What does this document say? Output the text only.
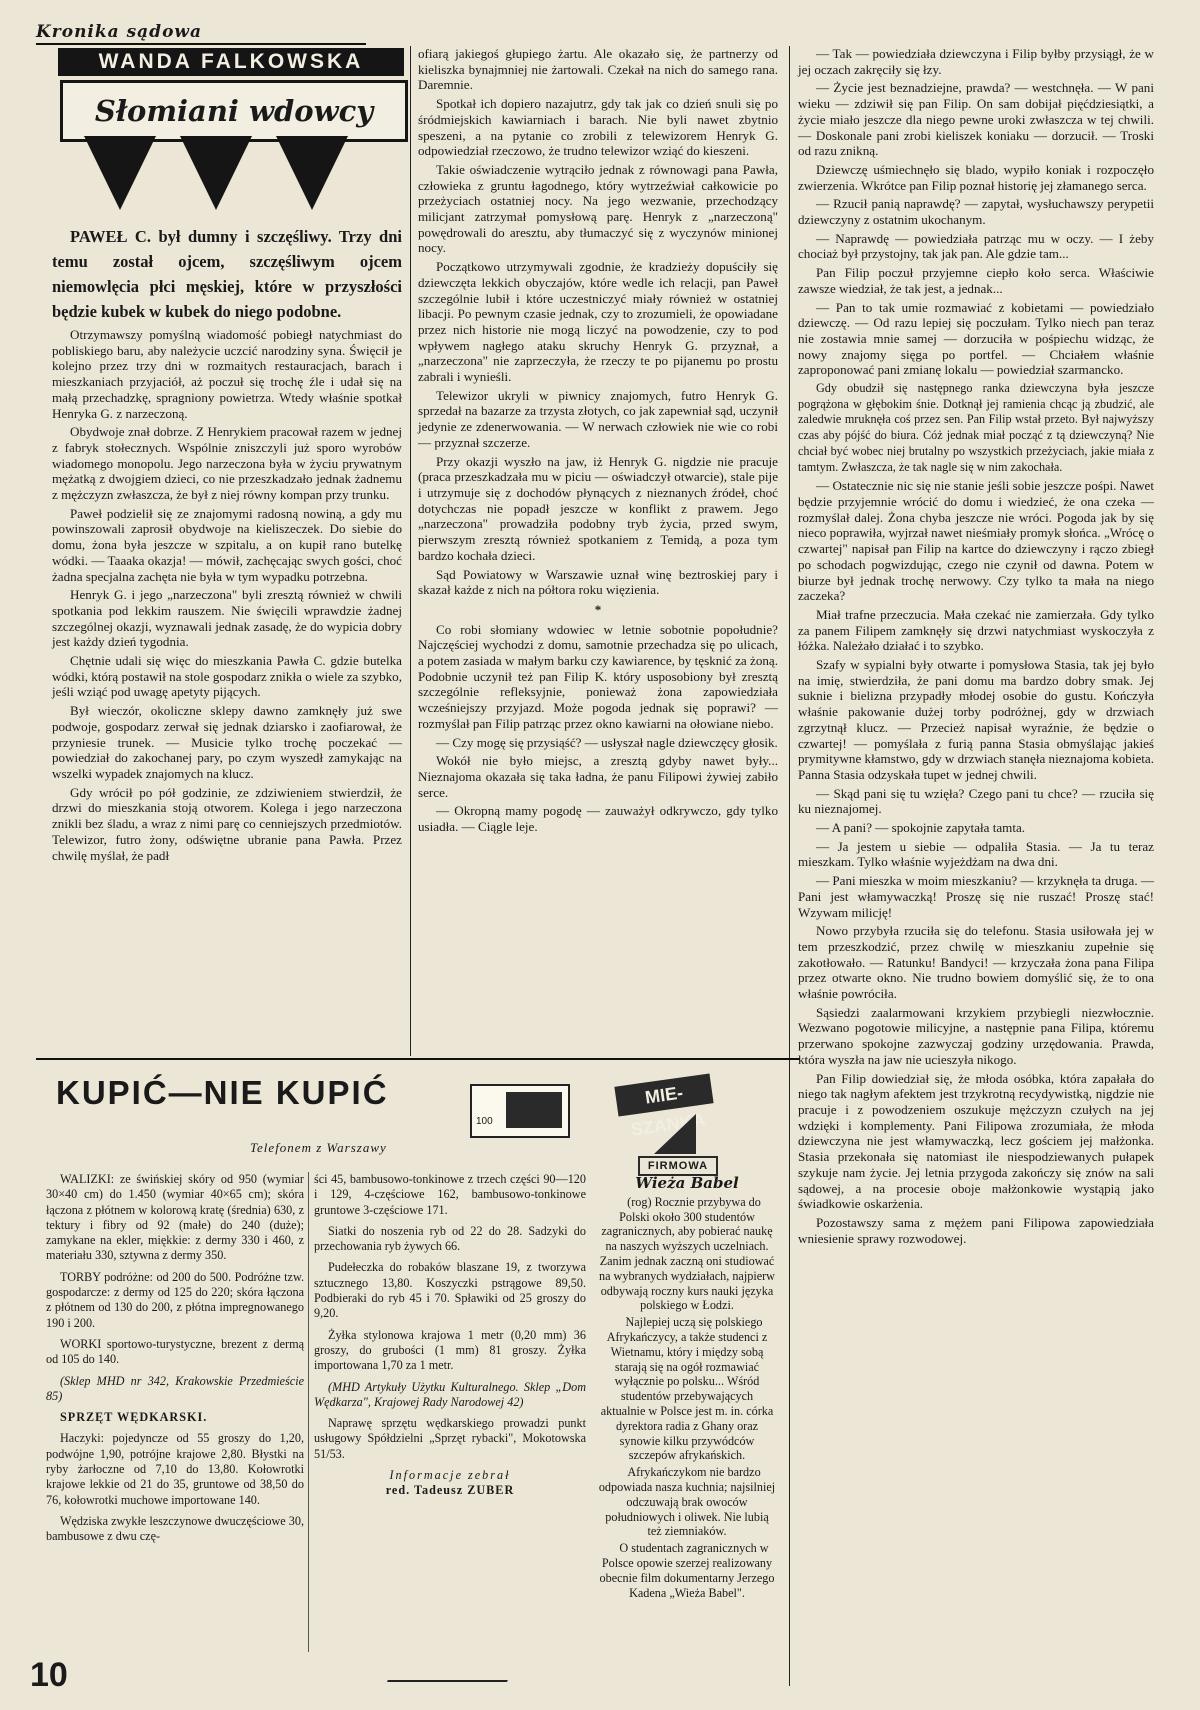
Kronika sądowa
WANDA FALKOWSKA
Słomiani wdowcy

PAWEŁ C. był dumny i szczęśliwy. Trzy dni temu został ojcem, szczęśliwym ojcem niemowlęcia płci męskiej, które w przyszłości będzie kubek w kubek do niego podobne.

Otrzymawszy pomyślną wiadomość pobiegł natychmiast do pobliskiego baru, aby należycie uczcić narodziny syna. Święcił je kolejno przez trzy dni w rozmaitych restauracjach, barach i mieszkaniach przyjaciół, aż poczuł się trochę źle i udał się na małą przechadzkę, spragniony powietrza. Wtedy właśnie spotkał Henryka G. z narzeczoną.

Obydwoje znał dobrze. Z Henrykiem pracował razem w jednej z fabryk stołecznych. Wspólnie zniszczyli już sporo wyrobów wiadomego monopolu. Jego narzeczona była w życiu prywatnym mężatką z dwojgiem dzieci, co nie przeszkadzało jednak żadnemu z mężczyzn zwłaszcza, że był z niej równy kompan przy trunku.

Paweł podzielił się ze znajomymi radosną nowiną, a gdy mu powinszowali zaprosił obydwoje na kieliszeczek. Do siebie do domu, żona była jeszcze w szpitalu, a on kupił rano butelkę wódki. — Taaaka okazja! — mówił, zachęcając swych gości, choć żadna specjalna zachęta nie była w tym wypadku potrzebna.

Henryk G. i jego „narzeczona" byli zresztą również w chwili spotkania pod lekkim rauszem. Nie święcili wprawdzie żadnej szczególnej okazji, wyznawali jednak zasadę, że do wypicia dobry jest każdy dzień tygodnia.

Chętnie udali się więc do mieszkania Pawła C. gdzie butelka wódki, którą postawił na stole gospodarz znikła o wiele za szybko, jeśli wziąć pod uwagę apetyty pijących.

Był wieczór, okoliczne sklepy dawno zamknęły już swe podwoje, gospodarz zerwał się jednak dziarsko i zaofiarował, że przyniesie trunek. — Musicie tylko trochę poczekać — powiedział do zakochanej pary, po czym wyszedł zamykając na wszelki wypadek znajomych na klucz.

Gdy wrócił po pół godzinie, ze zdziwieniem stwierdził, że drzwi do mieszkania stoją otworem. Kolega i jego narzeczona znikli bez śladu, a wraz z nimi parę co cenniejszych przedmiotów. Telewizor, futro żony, odświętne ubranie pana Pawła. Przez chwilę myślał, że padł

ofiarą jakiegoś głupiego żartu. Ale okazało się, że partnerzy od kieliszka bynajmniej nie żartowali. Czekał na nich do samego rana. Daremnie.

Spotkał ich dopiero nazajutrz, gdy tak jak co dzień snuli się po śródmiejskich kawiarniach i barach. Nie byli nawet zbytnio speszeni, a na pytanie co zrobili z telewizorem Henryk G. odpowiedział rzeczowo, że trudno telewizor wziąć do kieszeni.

Takie oświadczenie wytrąciło jednak z równowagi pana Pawła, człowieka z gruntu łagodnego, który wytrzeźwiał całkowicie po przeżyciach ostatniej nocy. Na jego wezwanie, przechodzący milicjant zatrzymał pomysłową parę. Henryk z „narzeczoną" powędrowali do aresztu, aby tłumaczyć się z wyczynów minionej nocy.

Początkowo utrzymywali zgodnie, że kradzieży dopuściły się dziewczęta lekkich obyczajów, które wedle ich relacji, pan Paweł szczególnie lubił i które uczestniczyć miały również w ostatniej libacji. Po pewnym czasie jednak, czy to zrozumieli, że opowiadane przez nich historie nie mogą liczyć na powodzenie, czy to pod wpływem nagłego ataku skruchy Henryk G. przyznał, a „narzeczona" nie zaprzeczyła, że rzeczy te po pijanemu po prostu zabrali i wynieśli.

Telewizor ukryli w piwnicy znajomych, futro Henryk G. sprzedał na bazarze za trzysta złotych, co jak zapewniał sąd, uczynił jedynie ze zdenerwowania. — W nerwach człowiek nie wie co robi — przyznał szczerze.

Przy okazji wyszło na jaw, iż Henryk G. nigdzie nie pracuje (praca przeszkadzała mu w piciu — oświadczył otwarcie), stale pije i utrzymuje się z dochodów płynących z nieznanych źródeł, choć dotychczas nie popadł jeszcze w konflikt z prawem. Jego „narzeczona" prowadziła podobny tryb życia, przed swym, pierwszym zresztą również spotkaniem z Temidą, a poza tym bardzo kochała dzieci.

Sąd Powiatowy w Warszawie uznał winę beztroskiej pary i skazał każde z nich na półtora roku więzienia.

*

Co robi słomiany wdowiec w letnie sobotnie popołudnie? Najczęściej wychodzi z domu, samotnie przechadza się po ulicach, a potem zasiada w małym barku czy kawiarence, by tęsknić za żoną. Podobnie uczynił też pan Filip K. który usposobiony był zresztą szczególnie refleksyjnie, ponieważ żona zapowiedziała wcześniejszy przyjazd. Może pogoda jednak się poprawi? — rozmyślał pan Filip patrząc przez okno kawiarni na ołowiane niebo.

— Czy mogę się przysiąść? — usłyszał nagle dziewczęcy głosik.

Wokół nie było miejsc, a zresztą gdyby nawet były... Nieznajoma okazała się taka ładna, że panu Filipowi żywiej zabiło serce.

— Okropną mamy pogodę — zauważył odkrywczo, gdy tylko usiadła. — Ciągle leje.

— Tak — powiedziała dziewczyna i Filip byłby przysiągł, że w jej oczach zakręciły się łzy.

— Życie jest beznadziejne, prawda? — westchnęła. — W pani wieku — zdziwił się pan Filip. On sam dobijał pięćdziesiątki, a życie miało jeszcze dla niego pewne uroki zwłaszcza w tej chwili. — Doskonale pani zrobi kieliszek koniaku — dorzucił. — Troski od razu znikną.

Dziewczę uśmiechnęło się blado, wypiło koniak i rozpoczęło zwierzenia. Wkrótce pan Filip poznał historię jej złamanego serca.

— Rzucił panią naprawdę? — zapytał, wysłuchawszy perypetii dziewczyny z ostatnim ukochanym.

— Naprawdę — powiedziała patrząc mu w oczy. — I żeby chociaż był przystojny, tak jak pan. Ale gdzie tam...

Pan Filip poczuł przyjemne ciepło koło serca. Właściwie zawsze wiedział, że tak jest, a jednak...

— Pan to tak umie rozmawiać z kobietami — powiedziało dziewczę. — Od razu lepiej się poczułam. Tylko niech pan teraz nie zostawia mnie samej — dorzuciła w pośpiechu widząc, że nowy znajomy sięga po portfel. — Chciałem właśnie zaproponować pani zmianę lokalu — powiedział szarmancko.

Gdy obudził się następnego ranka dziewczyna była jeszcze pogrążona w głębokim śnie. Dotknął jej ramienia chcąc ją zbudzić, ale zaledwie mruknęła coś przez sen. Pan Filip wstał przeto. Był najwyższy czas aby pójść do biura. Cóż jednak miał począć z tą dziewczyną? Nie chciał być wobec niej brutalny po wszystkich przeżyciach, jakie miała z tamtym. Zwłaszcza, że tak nagle się w nim zakochała.

— Ostatecznie nic się nie stanie jeśli sobie jeszcze pośpi. Nawet będzie przyjemnie wrócić do domu i wiedzieć, że ona czeka — rozmyślał dalej. Żona chyba jeszcze nie wróci. Pogoda jak by się nieco poprawiła, wyjrzał nawet nieśmiały promyk słońca. „Wrócę o czwartej" napisał pan Filip na kartce do dziewczyny i rączo zbiegł po schodach pogwizdując, czego nie czynił od dawna. Potem w biurze był jednak trochę nerwowy. Czy tylko ta mała na niego zaczeka?

Miał trafne przeczucia. Mała czekać nie zamierzała. Gdy tylko za panem Filipem zamknęły się drzwi natychmiast wyskoczyła z łóżka. Należało działać i to szybko.

Szafy w sypialni były otwarte i pomysłowa Stasia, tak jej było na imię, stwierdziła, że pani domu ma bardzo dobry smak. Jej suknie i bielizna przypadły młodej osobie do gustu. Kończyła właśnie pakowanie dużej torby podróżnej, gdy w drzwiach zgrzytnął klucz. — Przecież napisał wyraźnie, że będzie o czwartej! — pomyślała z furią panna Stasia obmyślając jakieś prymitywne kłamstwo, gdy w drzwiach stanęła nieznajoma kobieta. Panna Stasia odzyskała tupet w jednej chwili.

— Skąd pani się tu wzięła? Czego pani tu chce? — rzuciła się ku nieznajomej.

— A pani? — spokojnie zapytała tamta.

— Ja jestem u siebie — odpaliła Stasia. — Ja tu teraz mieszkam. Tylko właśnie wyjeżdżam na dwa dni.

— Pani mieszka w moim mieszkaniu? — krzyknęła ta druga. — Pani jest włamywaczką! Proszę się nie ruszać! Proszę stać! Wzywam milicję!

Nowo przybyła rzuciła się do telefonu. Stasia usiłowała jej w tem przeszkodzić, przez chwilę w mieszkaniu zupełnie się zakotłowało. — Ratunku! Bandyci! — krzyczała żona pana Filipa przez otwarte okno. Nie trudno bowiem domyślić się, że to ona właśnie powróciła.

Sąsiedzi zaalarmowani krzykiem przybiegli niezwłocznie. Wezwano pogotowie milicyjne, a następnie pana Filipa, któremu przerwano spokojne zazwyczaj godziny urzędowania. Prawda, która wyszła na jaw nie ucieszyła nikogo.

Pan Filip dowiedział się, że młoda osóbka, która zapałała do niego tak nagłym afektem jest trzykrotną recydywistką, nigdzie nie pracuje i z powodzeniem oszukuje mężczyzn czułych na jej wdzięki i komplementy. Pani Filipowa zrozumiała, że młoda dziewczyna nie jest włamywaczką, lecz gościem jej małżonka. Stasia przekonała się natomiast ile niespodziewanych pułapek szykuje nam życie. Jej letnia przygoda zakończy się znów na sali sądowej, a na procesie oboje małżonkowie wystąpią jako świadkowie oskarżenia.

Pozostawszy sama z mężem pani Filipowa zapowiedziała wniesienie sprawy rozwodowej.

KUPIĆ—NIE KUPIĆ
100
Telefonem z Warszawy

WALIZKI: ze świńskiej skóry od 950 (wymiar 30×40 cm) do 1.450 (wymiar 40×65 cm); skóra łączona z płótnem w kolorową kratę (średnia) 630, z tektury i fibry od 92 (małe) do 240 (duże); zamykane na ekler, miękkie: z dermy 330 i 460, z materiału 330, sztywna z dermy 350.

TORBY podróżne: od 200 do 500. Podróżne tzw. gospodarcze: z dermy od 125 do 220; skóra łączona z płótnem od 130 do 200, z płótna impregnowanego 190 i 200.

WORKI sportowo-turystyczne, brezent z dermą od 105 do 140.

(Sklep MHD nr 342, Krakowskie Przedmieście 85)

SPRZĘT WĘDKARSKI.

Haczyki: pojedyncze od 55 groszy do 1,20, podwójne 1,90, potrójne krajowe 2,80. Błystki na ryby żarłoczne od 7,10 do 13,80. Kołowrotki krajowe lekkie od 21 do 35, gruntowe od 38,50 do 76, kołowrotki muchowe importowane 140.

Wędziska zwykłe leszczynowe dwuczęściowe 30, bambusowe z dwu czę-

ści 45, bambusowo-tonkinowe z trzech części 90—120 i 129, 4-częściowe 162, bambusowo-tonkinowe gruntowe 3-częściowe 171.

Siatki do noszenia ryb od 22 do 28. Sadzyki do przechowania ryb żywych 66.

Pudełeczka do robaków blaszane 19, z tworzywa sztucznego 13,80. Koszyczki pstrągowe 89,50. Podbieraki do ryb 45 i 70. Spławiki od 25 groszy do 9,20.

Żyłka stylonowa krajowa 1 metr (0,20 mm) 36 groszy, do grubości (1 mm) 81 groszy. Żyłka importowana 1,70 za 1 metr.

(MHD Artykuły Użytku Kulturalnego. Sklep „Dom Wędkarza", Krajowej Rady Narodowej 42)

Naprawę sprzętu wędkarskiego prowadzi punkt usługowy Spółdzielni „Sprzęt rybacki", Mokotowska 51/53.

Informacje zebrał

red. Tadeusz ZUBER

MIE-SZANKA
FIRMOWA
Wieża Babel

(rog) Rocznie przybywa do Polski około 300 studentów zagranicznych, aby pobierać naukę na naszych wyższych uczelniach. Zanim jednak zaczną oni studiować na wybranych wydziałach, najpierw odbywają roczny kurs nauki języka polskiego w Łodzi.

Najlepiej uczą się polskiego Afrykańczycy, a także studenci z Wietnamu, który i między sobą starają się na ogół rozmawiać wyłącznie po polsku... Wśród studentów przebywających aktualnie w Polsce jest m. in. córka dyrektora radia z Ghany oraz synowie kilku przywódców szczepów afrykańskich.

Afrykańczykom nie bardzo odpowiada nasza kuchnia; najsilniej odczuwają brak owoców południowych i oliwek. Nie lubią też ziemniaków.

O studentach zagranicznych w Polsce opowie szerzej realizowany obecnie film dokumentarny Jerzego Kadena „Wieża Babel".

10
